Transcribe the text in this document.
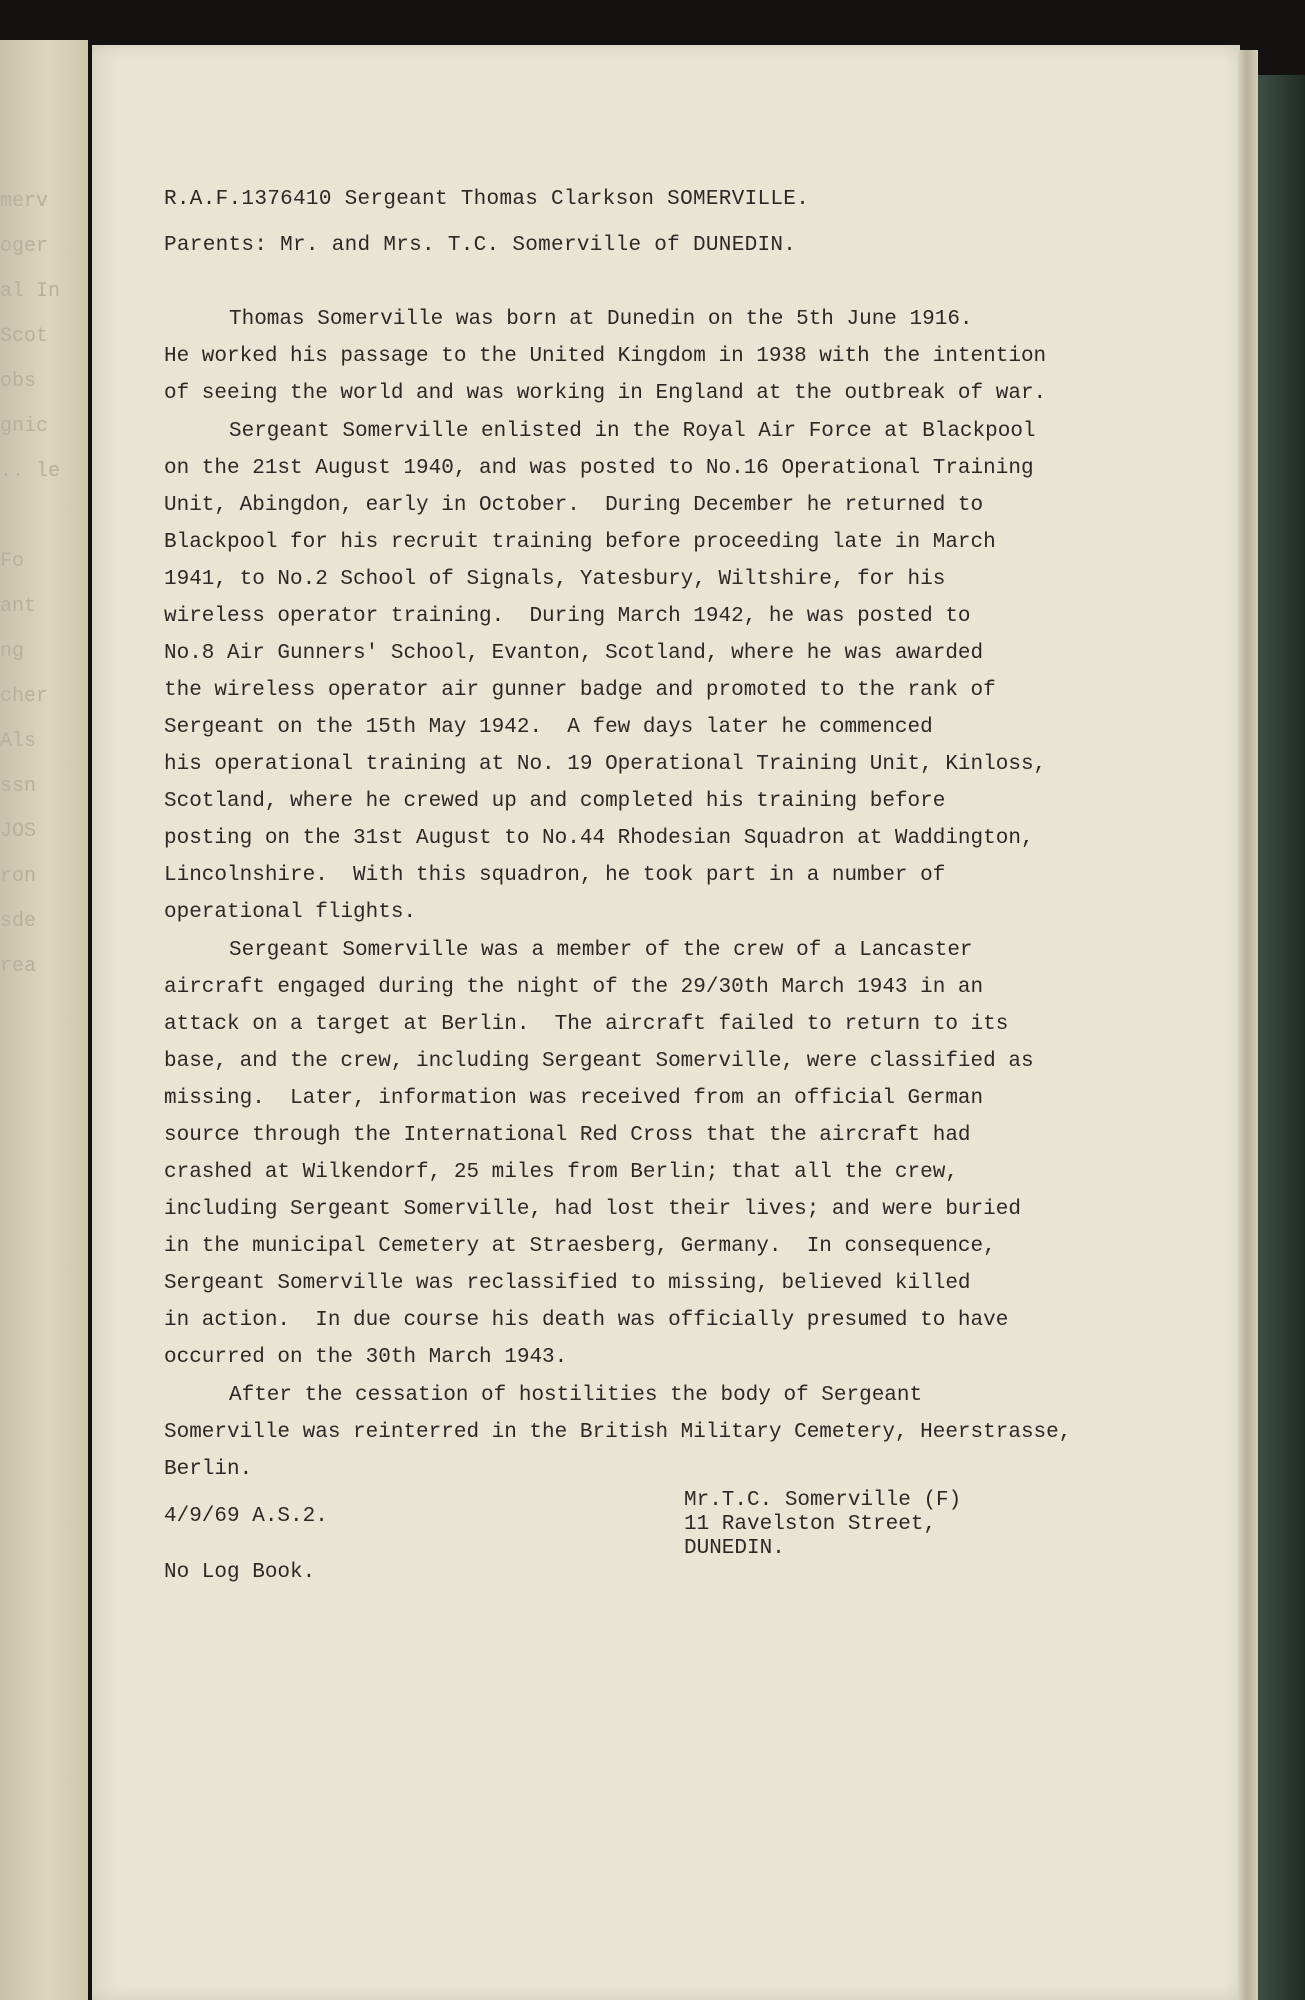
merv
oger
al In
Scot
obs
gnic
.. le
Fo
ant
ng
cher
Als
ssn
JOS
ron
sde
rea
R.A.F.1376410 Sergeant Thomas Clarkson SOMERVILLE.
Parents: Mr. and Mrs. T.C. Somerville of DUNEDIN.
Thomas Somerville was born at Dunedin on the 5th June 1916.
He worked his passage to the United Kingdom in 1938 with the intention
of seeing the world and was working in England at the outbreak of war.
Sergeant Somerville enlisted in the Royal Air Force at Blackpool
on the 21st August 1940, and was posted to No.16 Operational Training
Unit, Abingdon, early in October.  During December he returned to
Blackpool for his recruit training before proceeding late in March
1941, to No.2 School of Signals, Yatesbury, Wiltshire, for his
wireless operator training.  During March 1942, he was posted to
No.8 Air Gunners' School, Evanton, Scotland, where he was awarded
the wireless operator air gunner badge and promoted to the rank of
Sergeant on the 15th May 1942.  A few days later he commenced
his operational training at No. 19 Operational Training Unit, Kinloss,
Scotland, where he crewed up and completed his training before
posting on the 31st August to No.44 Rhodesian Squadron at Waddington,
Lincolnshire.  With this squadron, he took part in a number of
operational flights.
Sergeant Somerville was a member of the crew of a Lancaster
aircraft engaged during the night of the 29/30th March 1943 in an
attack on a target at Berlin.  The aircraft failed to return to its
base, and the crew, including Sergeant Somerville, were classified as
missing.  Later, information was received from an official German
source through the International Red Cross that the aircraft had
crashed at Wilkendorf, 25 miles from Berlin; that all the crew,
including Sergeant Somerville, had lost their lives; and were buried
in the municipal Cemetery at Straesberg, Germany.  In consequence,
Sergeant Somerville was reclassified to missing, believed killed
in action.  In due course his death was officially presumed to have
occurred on the 30th March 1943.
After the cessation of hostilities the body of Sergeant
Somerville was reinterred in the British Military Cemetery, Heerstrasse,
Berlin.
4/9/69 A.S.2.
No Log Book.
Mr.T.C. Somerville (F)
11 Ravelston Street,
DUNEDIN.
